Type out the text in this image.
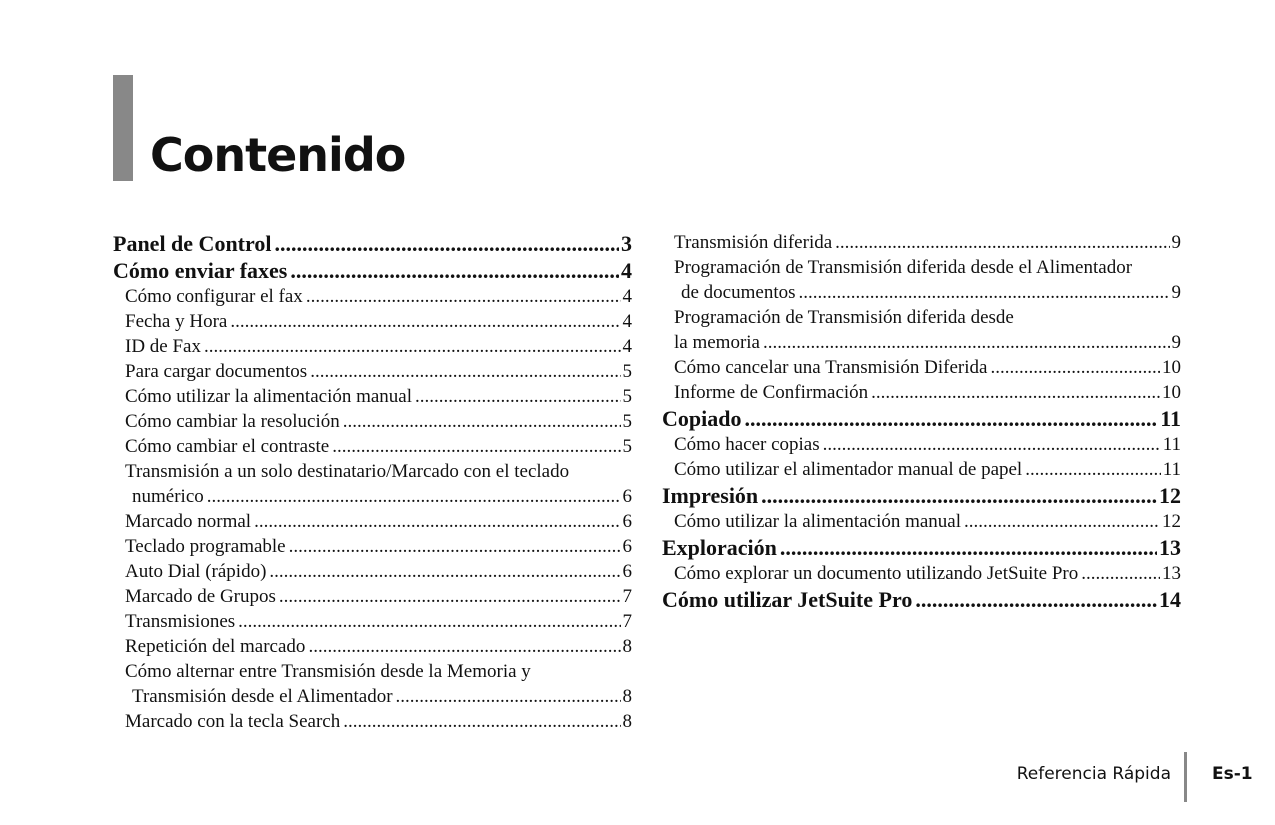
Contenido
Panel de Control .....	3
Cómo enviar faxes .....	4
Cómo configurar el fax .....	4
Fecha y Hora .....	4
ID de Fax .....	4
Para cargar documentos .....	5
Cómo utilizar la alimentación manual .....	5
Cómo cambiar la resolución .....	5
Cómo cambiar el contraste .....	5
Transmisión a un solo destinatario/Marcado con el teclado
numérico .....	6
Marcado normal .....	6
Teclado programable .....	6
Auto Dial (rápido) .....	6
Marcado de Grupos .....	7
Transmisiones .....	7
Repetición del marcado .....	8
Cómo alternar entre Transmisión desde la Memoria y
Transmisión desde el Alimentador .....	8
Marcado con la tecla Search .....	8
Transmisión diferida .....	9
Programación de Transmisión diferida desde el Alimentador
de documentos .....	9
Programación de Transmisión diferida desde
la memoria .....	9
Cómo cancelar una Transmisión Diferida .....	10
Informe de Confirmación .....	10
Copiado .....	11
Cómo hacer copias .....	11
Cómo utilizar el alimentador manual de papel .....	11
Impresión .....	12
Cómo utilizar la alimentación manual .....	12
Exploración .....	13
Cómo explorar un documento utilizando JetSuite Pro .....	13
Cómo utilizar JetSuite Pro .....	14
Referencia Rápida Es-1
